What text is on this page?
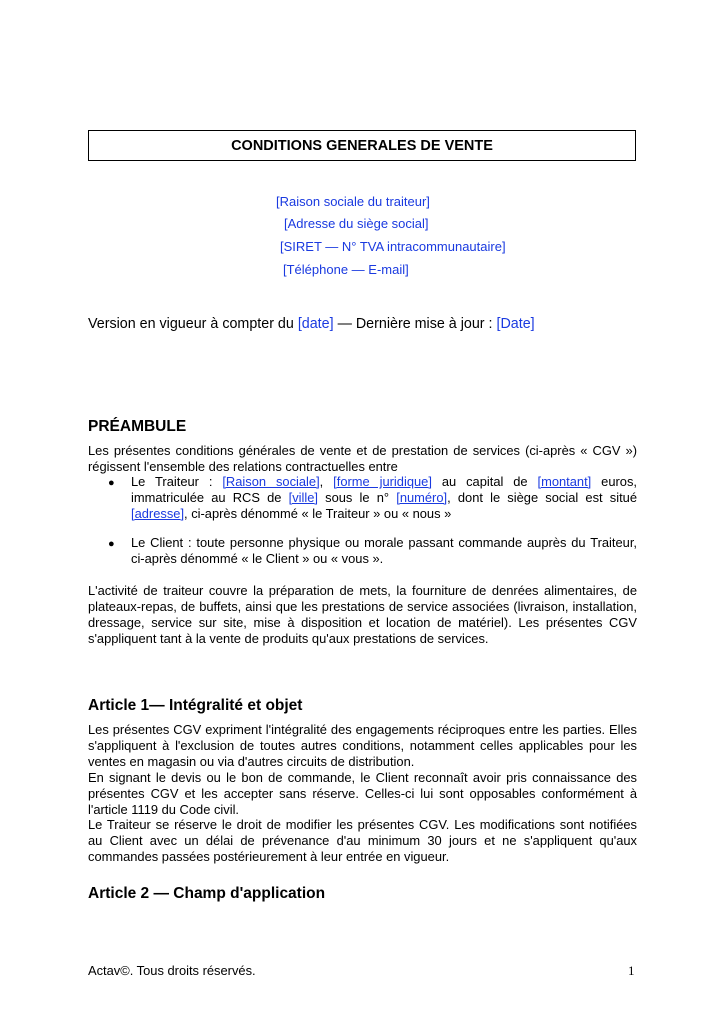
CONDITIONS GENERALES DE VENTE
[Raison sociale du traiteur]
[Adresse du siège social]
[SIRET — N° TVA intracommunautaire]
[Téléphone — E-mail]
Version en vigueur à compter du [date] — Dernière mise à jour : [Date]
PRÉAMBULE

Les présentes conditions générales de vente et de prestation de services (ci-après « CGV ») régissent l'ensemble des relations contractuelles entre

● Le Traiteur : [Raison sociale], [forme juridique] au capital de [montant] euros, immatriculée au RCS de [ville] sous le n° [numéro], dont le siège social est situé [adresse], ci-après dénommé « le Traiteur » ou « nous »

● Le Client : toute personne physique ou morale passant commande auprès du Traiteur, ci-après dénommé « le Client » ou « vous ».

L'activité de traiteur couvre la préparation de mets, la fourniture de denrées alimentaires, de plateaux-repas, de buffets, ainsi que les prestations de service associées (livraison, installation, dressage, service sur site, mise à disposition et location de matériel). Les présentes CGV s'appliquent tant à la vente de produits qu'aux prestations de services.

Article 1— Intégralité et objet

Les présentes CGV expriment l'intégralité des engagements réciproques entre les parties. Elles s'appliquent à l'exclusion de toutes autres conditions, notamment celles applicables pour les ventes en magasin ou via d'autres circuits de distribution.

En signant le devis ou le bon de commande, le Client reconnaît avoir pris connaissance des présentes CGV et les accepter sans réserve. Celles-ci lui sont opposables conformément à l'article 1119 du Code civil.

Le Traiteur se réserve le droit de modifier les présentes CGV. Les modifications sont notifiées au Client avec un délai de prévenance d'au minimum 30 jours et ne s'appliquent qu'aux commandes passées postérieurement à leur entrée en vigueur.

Article 2 — Champ d'application
Actav©. Tous droits réservés.	1
